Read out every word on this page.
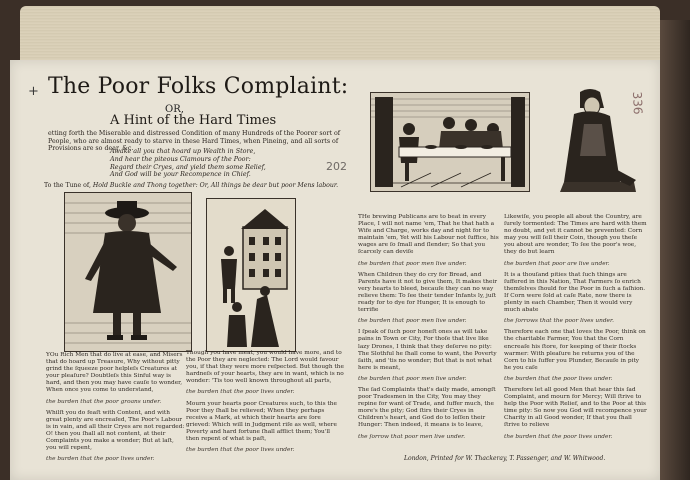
+ The Poor Folks Complaint:
OR,
A Hint of the Hard Times
etting forth the Miserable and distressed Condition of many Hundreds of the Poorer sort of People, who are almost ready to starve in these Hard Times, when Pineing, and all sorts of Provisions are so dear, &c.
Awake all you that hoard up Wealth in Store,
And hear the piteous Clamours of the Poor:
Regard their Cryes, and yield them some Relief,
And God will be your Recompence in Chief.
To the Tune of, Hold Buckle and Thong together: Or, All things be dear but poor Mens labour.
202
336

YOu Rich Men that do live at ease, and Misers that do hoard up Treasure, Why without pitty grind the ſqueeze poor helpleſs Creatures at your pleaſure? Doubtleſs this Sinful way is hard, and then you may have cauſe to wonder, When once you come to understand,

the burden that the poor groans under.

Whilſt you do feaſt with Content, and with great plenty are encreaſed, The Poor's Labour is in vain, and all their Cryes are not regarded: O! then you ſhall all not content, at their Complaints you make a wonder; But at laſt, you will repent,

the burden that the poor lives under.

Though you have meat, you would have more, and to the Poor they are neglected: The Lord would favour you, if that they were more reſpected. But though the hardneſs of your hearts, they are in want, which is no wonder: 'Tis too well known throughout all parts,

the burden that the poor lives under.

Mourn your hearts poor Creatures such, to this the Poor they ſhall be relieved; When they perhaps receive a Mark, at which their hearts are ſore grieved: Which will in Judgment riſe as well, where Poverty and hard fortune ſhall afflict them; You'll then repent of what is paſt,

the burden that the poor lives under.

THe brewing Publicans are to beat in every Place, I will not name 'em, That he that hath a Wife and Charge, works day and night for to maintain 'em, Yet will his Labour not ſuffice, his wages are ſo ſmall and ſlender; So that you ſcarcely can deviſe

the burden that poor men live under.

When Children they do cry for Bread, and Parents have it not to give them, It makes their very hearts to bleed, becauſe they can no way relieve them: To ſee their tender Infants ly, juſt ready for to dye for Hunger, It is enough to terrifie

the burden that poor men live under.

I ſpeak of ſuch poor honeſt ones as will take pains in Town or City, For thoſe that live like lazy Drones, I think that they deſerve no pity: The Slothful he ſhall come to want, the Poverty ſaith, and 'tis no wonder; But that is not what here is meant,

the burden that poor men live under.

The ſad Complaints that's daily made, amongſt poor Tradesmen in the City, You may they repine for want of Trade, and ſuffer much, the more's the pity; God ſtirs their Cryes in Children's heart, and God do to leſſen their Hunger: Then indeed, it means is to leave,

the ſorrow that poor men live under.

Likewiſe, you people all about the Country, are ſurely tormented: The Times are hard with them no doubt, and yet it cannot be prevented: Corn may you will ſell their Coin, though you theſe you about are wonder, To ſee the poor's woe, they do but learn

the burden that poor are live under.

It is a thouſand pities that ſuch things are ſuffered in this Nation, That Farmers ſo enrich themſelves ſhould for the Poor in ſuch a faſhion. If Corn were ſold at caſe Rate, now there is plenty in each Chamber, Then it would very much abate

the ſorrows that the poor lives under.

Therefore each one that loves the Poor, think on the charitable Farmer, You that the Corn encreaſe his ſtore, for keeping of their ſtocks warmer: With pleaſure he returns you of the Corn to his ſuffer you Plunder, Becauſe in pity he you caſe

the burden that the poor lives under.

Therefore let all good Men that hear this ſad Complaint, and mourn for Mercy; Will ſtrive to help the Poor with Relief, and to the Poor at this time pity: So now you God will recompence your Charity in all Good wonder, If that you ſhall ſtrive to relieve

the burden that the poor lives under.

London, Printed for W. Thackeray, T. Passenger, and W. Whitwood.
